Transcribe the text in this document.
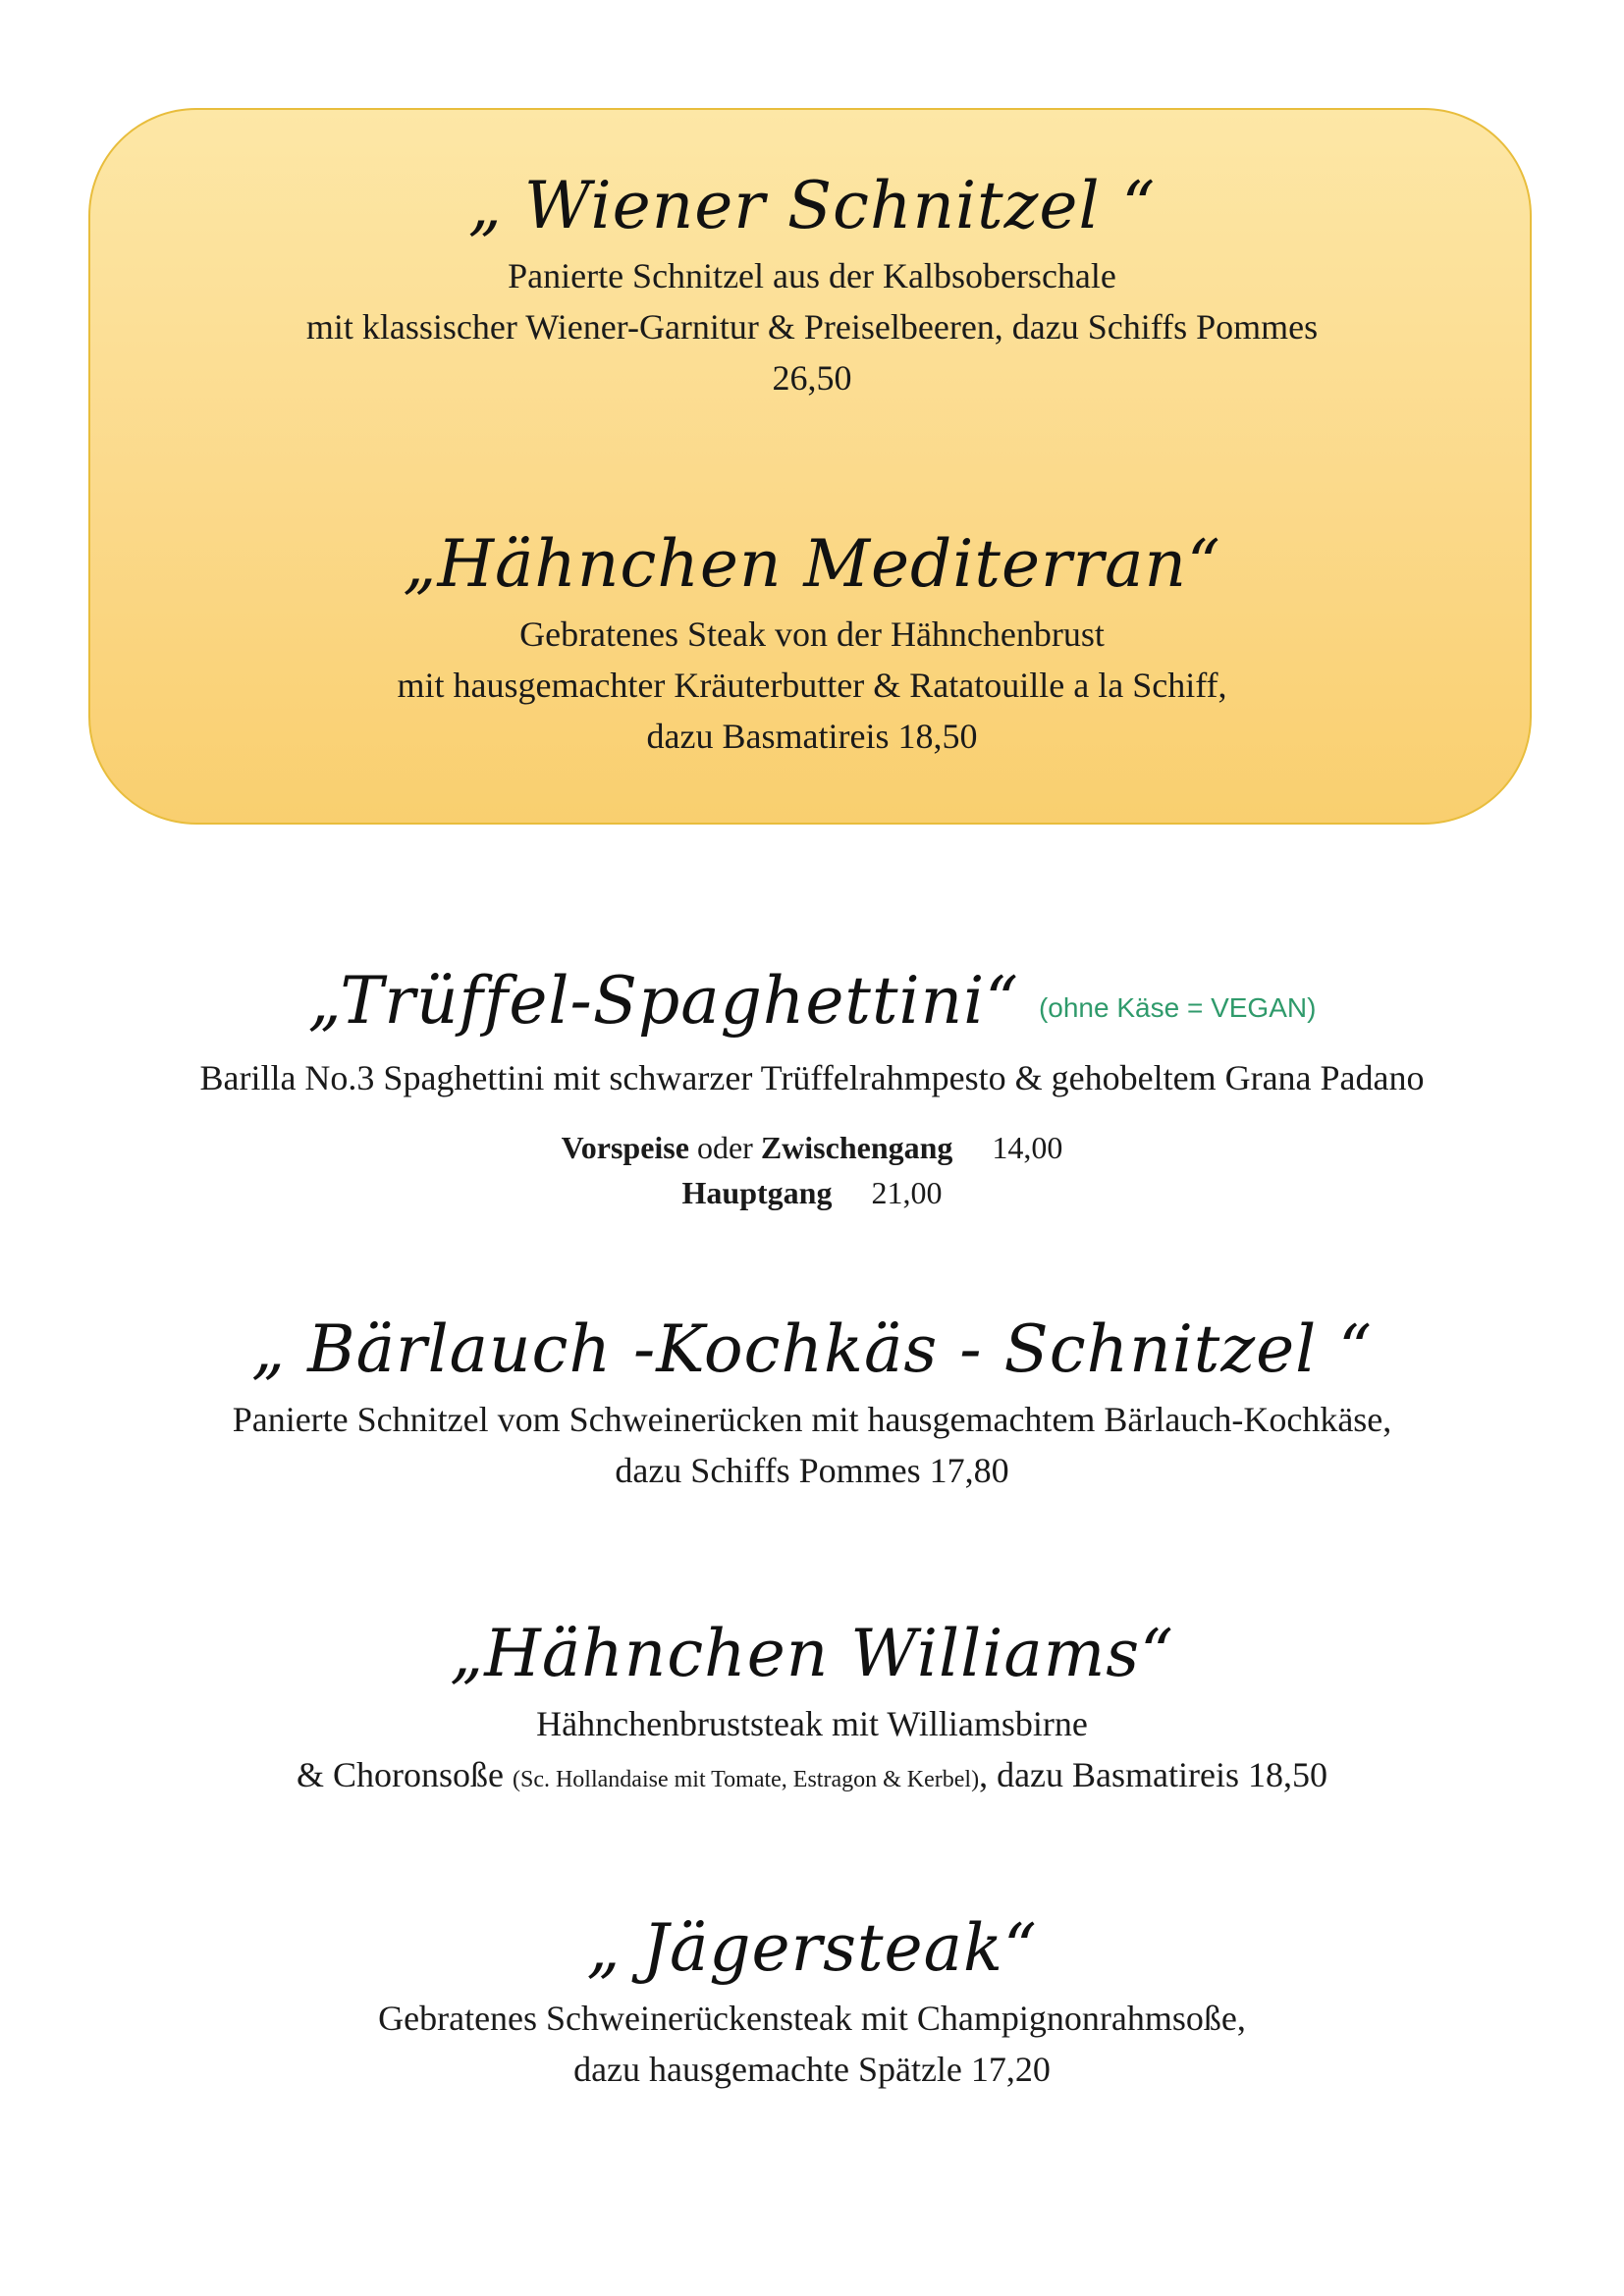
„ Wiener Schnitzel “

Panierte Schnitzel aus der Kalbsoberschale

mit klassischer Wiener-Garnitur & Preiselbeeren, dazu Schiffs Pommes

26,50

„Hähnchen Mediterran“

Gebratenes Steak von der Hähnchenbrust

mit hausgemachter Kräuterbutter & Ratatouille a la Schiff,

dazu Basmatireis 18,50

„Trüffel-Spaghettini“ (ohne Käse = VEGAN)

Barilla No.3 Spaghettini mit schwarzer Trüffelrahmpesto & gehobeltem Grana Padano

Vorspeise oder Zwischengang 14,00

Hauptgang 21,00

„ Bärlauch -Kochkäs - Schnitzel “

Panierte Schnitzel vom Schweinerücken mit hausgemachtem Bärlauch-Kochkäse,

dazu Schiffs Pommes 17,80

„Hähnchen Williams“

Hähnchenbruststeak mit Williamsbirne

& Choronsoße (Sc. Hollandaise mit Tomate, Estragon & Kerbel), dazu Basmatireis 18,50

„ Jägersteak“

Gebratenes Schweinerückensteak mit Champignonrahmsoße,

dazu hausgemachte Spätzle 17,20
